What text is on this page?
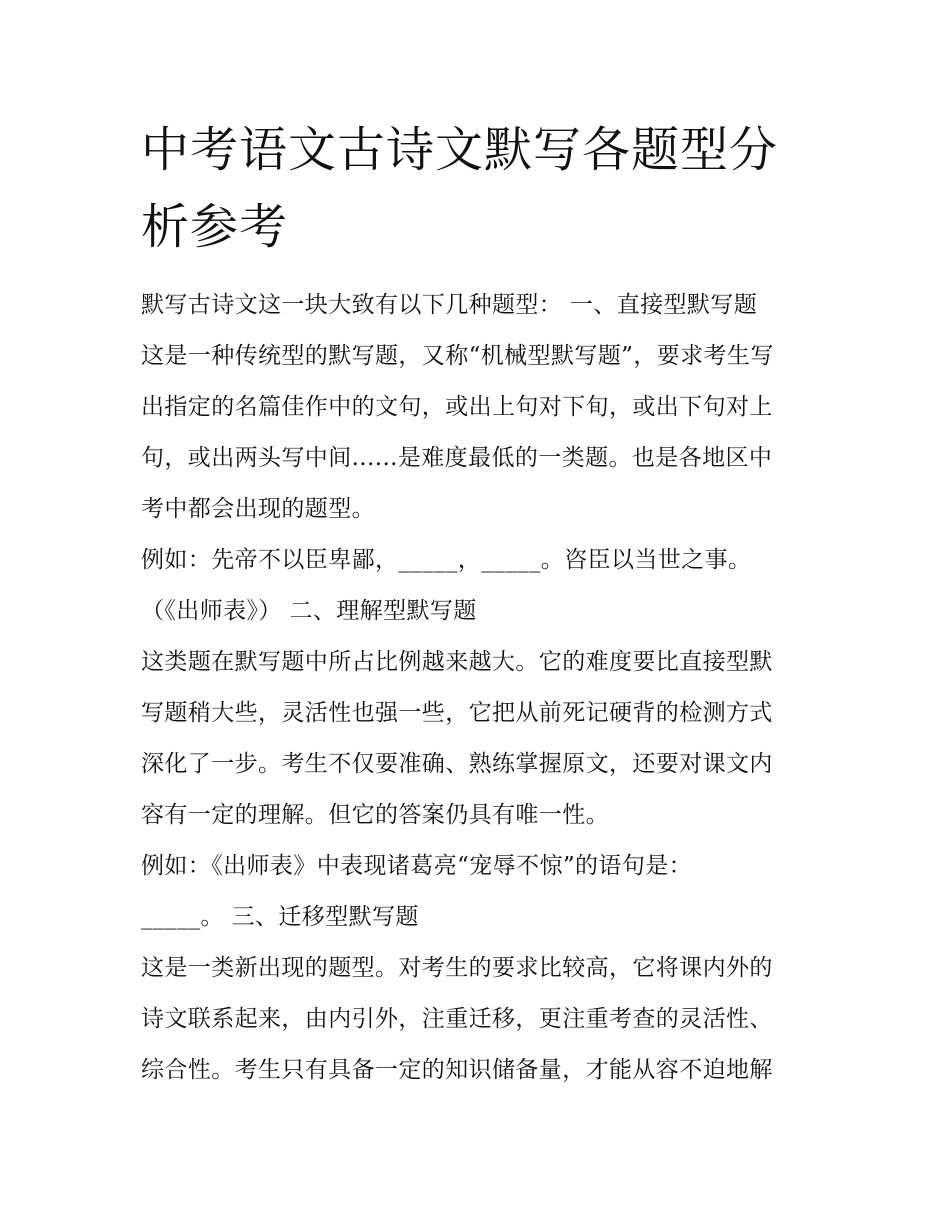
中考语文古诗文默写各题型分
析参考

默写古诗文这一块大致有以下几种题型： 一、直接型默写题

这是一种传统型的默写题，又称“机械型默写题”，要求考生写

出指定的名篇佳作中的文句，或出上句对下旬，或出下句对上

句，或出两头写中间......是难度最低的一类题。也是各地区中

考中都会出现的题型。

例如：先帝不以臣卑鄙，_____，_____。咨臣以当世之事。

（《出师表》） 二、理解型默写题

这类题在默写题中所占比例越来越大。它的难度要比直接型默

写题稍大些，灵活性也强一些，它把从前死记硬背的检测方式

深化了一步。考生不仅要准确、熟练掌握原文，还要对课文内

容有一定的理解。但它的答案仍具有唯一性。

例如：《出师表》中表现诸葛亮“宠辱不惊”的语句是：

_____。 三、迁移型默写题

这是一类新出现的题型。对考生的要求比较高，它将课内外的

诗文联系起来，由内引外，注重迁移，更注重考查的灵活性、

综合性。考生只有具备一定的知识储备量，才能从容不迫地解
